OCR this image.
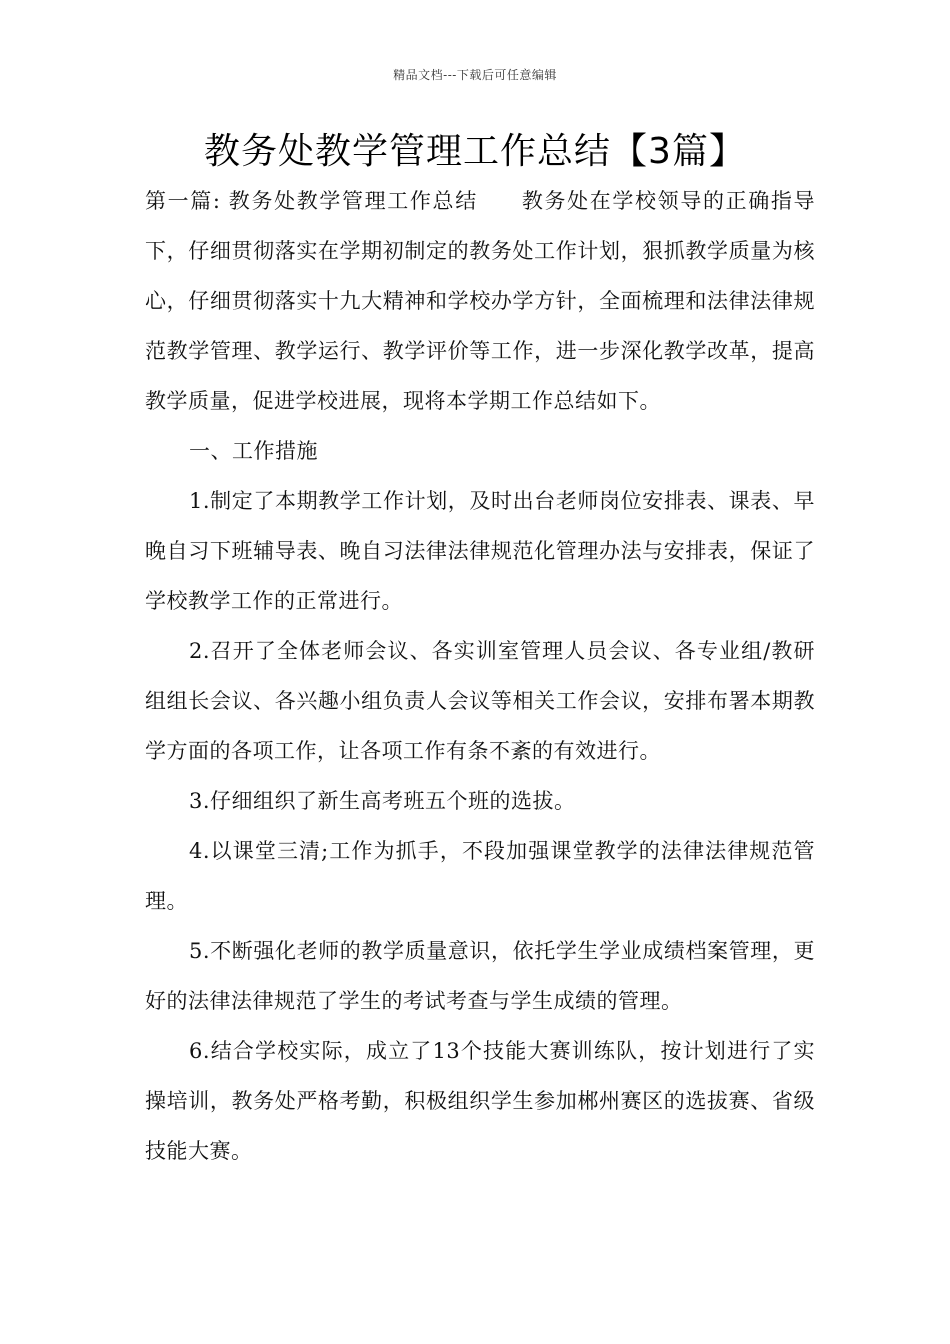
精品文档---下载后可任意编辑
教务处教学管理工作总结【3篇】

第一篇: 教务处教学管理工作总结 教务处在学校领导的正确指导下，仔细贯彻落实在学期初制定的教务处工作计划，狠抓教学质量为核心，仔细贯彻落实十九大精神和学校办学方针，全面梳理和法律法律规范教学管理、教学运行、教学评价等工作，进一步深化教学改革，提高教学质量，促进学校进展，现将本学期工作总结如下。

一、工作措施

1.制定了本期教学工作计划，及时出台老师岗位安排表、课表、早晚自习下班辅导表、晚自习法律法律规范化管理办法与安排表，保证了学校教学工作的正常进行。

2.召开了全体老师会议、各实训室管理人员会议、各专业组/教研组组长会议、各兴趣小组负责人会议等相关工作会议，安排布署本期教学方面的各项工作，让各项工作有条不紊的有效进行。

3.仔细组织了新生高考班五个班的选拔。

4.以课堂三清;工作为抓手，不段加强课堂教学的法律法律规范管理。

5.不断强化老师的教学质量意识，依托学生学业成绩档案管理，更好的法律法律规范了学生的考试考查与学生成绩的管理。

6.结合学校实际，成立了13个技能大赛训练队，按计划进行了实操培训，教务处严格考勤，积极组织学生参加郴州赛区的选拔赛、省级技能大赛。
